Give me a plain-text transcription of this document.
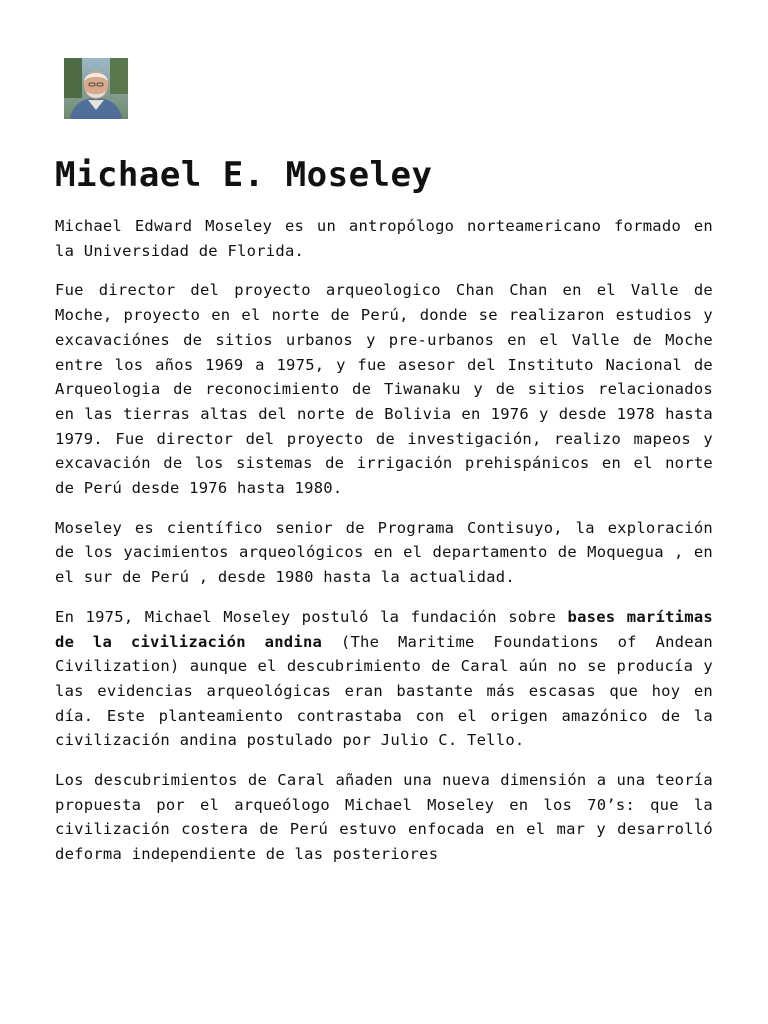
Michael E. Moseley

Michael Edward Moseley es un antropólogo norteamericano formado en la Universidad de Florida.

Fue director del proyecto arqueologico Chan Chan en el Valle de Moche, proyecto en el norte de Perú, donde se realizaron estudios y excavaciónes de sitios urbanos y pre-urbanos en el Valle de Moche entre los años 1969 a 1975, y fue asesor del Instituto Nacional de Arqueologia de reconocimiento de Tiwanaku y de sitios relacionados en las tierras altas del norte de Bolivia en 1976 y desde 1978 hasta 1979. Fue director del proyecto de investigación, realizo mapeos y excavación de los sistemas de irrigación prehispánicos en el norte de Perú desde 1976 hasta 1980.

Moseley es científico senior de Programa Contisuyo, la exploración de los yacimientos arqueológicos en el departamento de Moquegua , en el sur de Perú , desde 1980 hasta la actualidad.

En 1975, Michael Moseley postuló la fundación sobre bases marítimas de la civilización andina (The Maritime Foundations of Andean Civilization) aunque el descubrimiento de Caral aún no se producía y las evidencias arqueológicas eran bastante más escasas que hoy en día. Este planteamiento contrastaba con el origen amazónico de la civilización andina postulado por Julio C. Tello.

Los descubrimientos de Caral añaden una nueva dimensión a una teoría propuesta por el arqueólogo Michael Moseley en los 70’s: que la civilización costera de Perú estuvo enfocada en el mar y desarrolló deforma independiente de las posteriores
